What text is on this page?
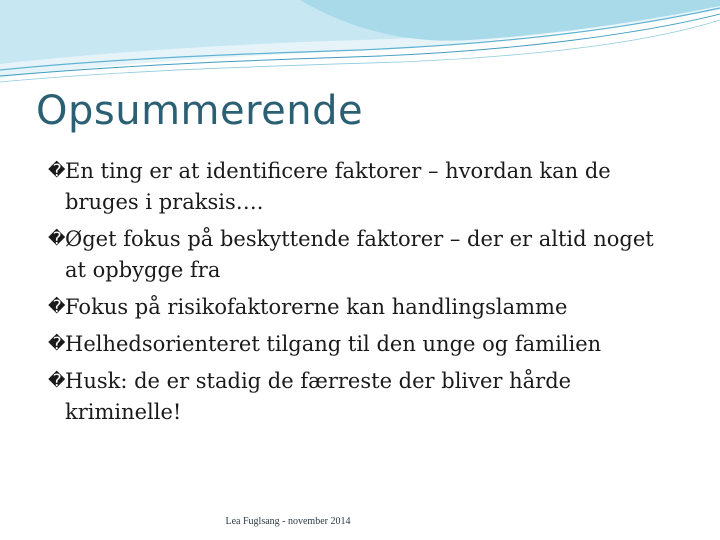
Opsummerende
� En ting er at identificere faktorer – hvordan kan de bruges i praksis….
� Øget fokus på beskyttende faktorer – der er altid noget at opbygge fra
� Fokus på risikofaktorerne kan handlingslamme
� Helhedsorienteret tilgang til den unge og familien
� Husk: de er stadig de færreste der bliver hårde kriminelle!
Lea Fuglsang - november 2014
